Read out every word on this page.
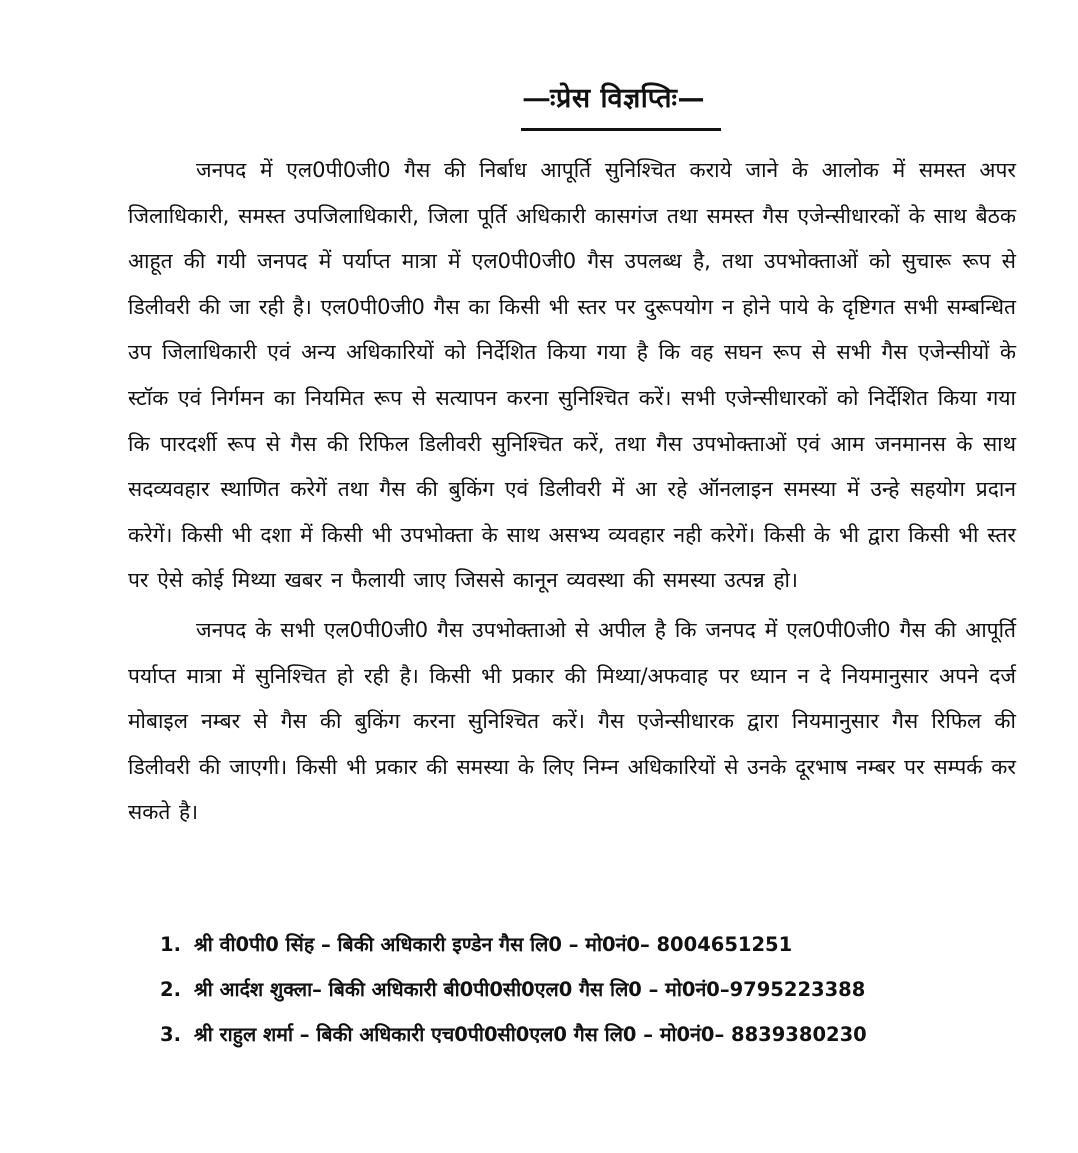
—ःप्रेस विज्ञप्तिः—

जनपद में एल0पी0जी0 गैस की निर्बाध आपूर्ति सुनिश्चित कराये जाने के आलोक में समस्त अपर जिलाधिकारी, समस्त उपजिलाधिकारी, जिला पूर्ति अधिकारी कासगंज तथा समस्त गैस एजेन्सीधारकों के साथ बैठक आहूत की गयी जनपद में पर्याप्त मात्रा में एल0पी0जी0 गैस उपलब्ध है, तथा उपभोक्ताओं को सुचारू रूप से डिलीवरी की जा रही है। एल0पी0जी0 गैस का किसी भी स्तर पर दुरूपयोग न होने पाये के दृष्टिगत सभी सम्बन्धित उप जिलाधिकारी एवं अन्य अधिकारियों को निर्देशित किया गया है कि वह सघन रूप से सभी गैस एजेन्सीयों के स्टॉक एवं निर्गमन का नियमित रूप से सत्यापन करना सुनिश्चित करें। सभी एजेन्सीधारकों को निर्देशित किया गया कि पारदर्शी रूप से गैस की रिफिल डिलीवरी सुनिश्चित करें, तथा गैस उपभोक्ताओं एवं आम जनमानस के साथ सदव्यवहार स्थाणित करेगें तथा गैस की बुकिंग एवं डिलीवरी में आ रहे ऑनलाइन समस्या में उन्हे सहयोग प्रदान करेगें। किसी भी दशा में किसी भी उपभोक्ता के साथ असभ्य व्यवहार नही करेगें। किसी के भी द्वारा किसी भी स्तर पर ऐसे कोई मिथ्या खबर न फैलायी जाए जिससे कानून व्यवस्था की समस्या उत्पन्न हो।

जनपद के सभी एल0पी0जी0 गैस उपभोक्ताओ से अपील है कि जनपद में एल0पी0जी0 गैस की आपूर्ति पर्याप्त मात्रा में सुनिश्चित हो रही है। किसी भी प्रकार की मिथ्या/अफवाह पर ध्यान न दे नियमानुसार अपने दर्ज मोबाइल नम्बर से गैस की बुकिंग करना सुनिश्चित करें। गैस एजेन्सीधारक द्वारा नियमानुसार गैस रिफिल की डिलीवरी की जाएगी। किसी भी प्रकार की समस्या के लिए निम्न अधिकारियों से उनके दूरभाष नम्बर पर सम्पर्क कर सकते है।

1. श्री वी0पी0 सिंह – बिकी अधिकारी इण्डेन गैस लि0 – मो0नं0– 8004651251
2. श्री आर्दश शुक्ला– बिकी अधिकारी बी0पी0सी0एल0 गैस लि0 – मो0नं0–9795223388
3. श्री राहुल शर्मा – बिकी अधिकारी एच0पी0सी0एल0 गैस लि0 – मो0नं0– 8839380230
